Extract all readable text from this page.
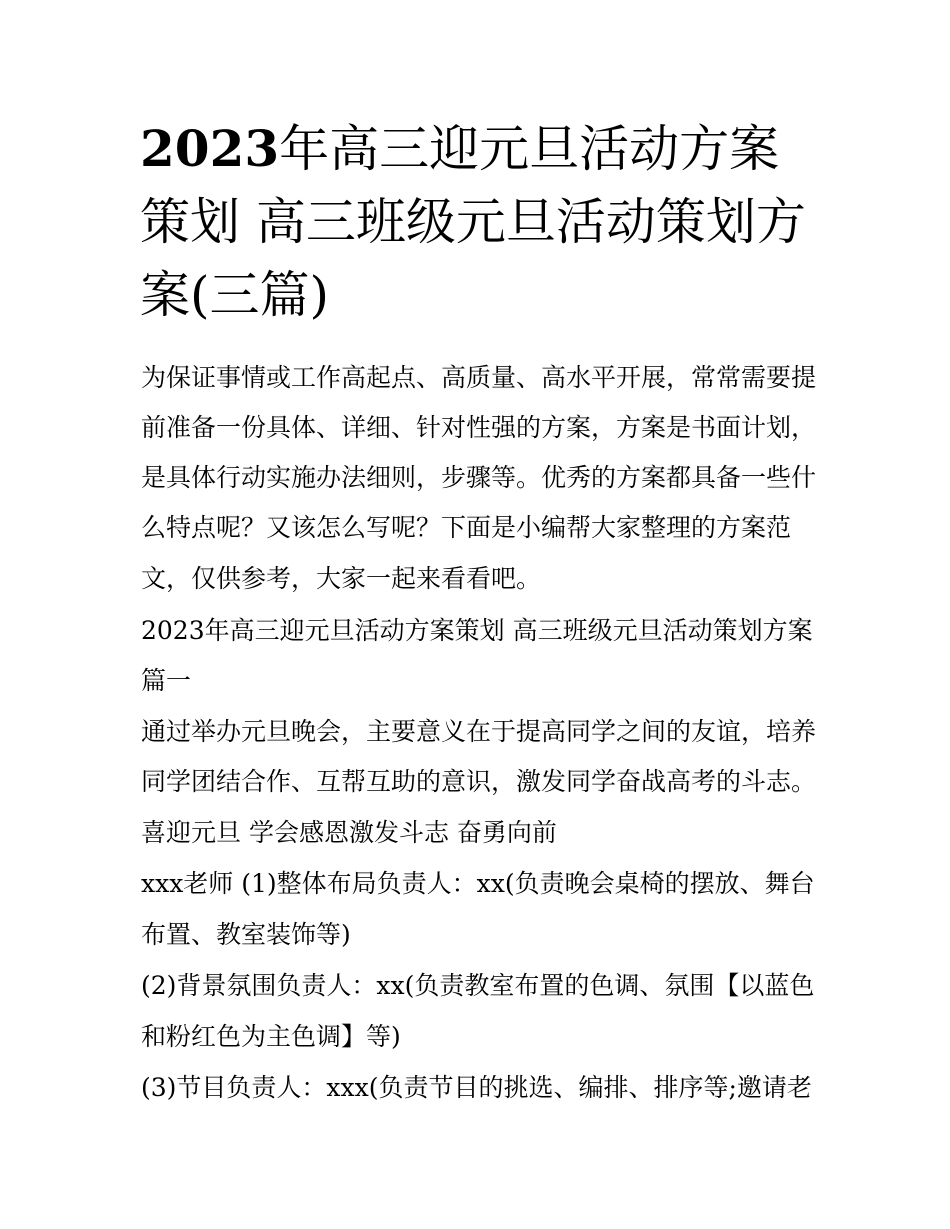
2023年高三迎元旦活动方案策划 高三班级元旦活动策划方案(三篇)

为保证事情或工作高起点、高质量、高水平开展，常常需要提

前准备一份具体、详细、针对性强的方案，方案是书面计划，

是具体行动实施办法细则，步骤等。优秀的方案都具备一些什

么特点呢？又该怎么写呢？下面是小编帮大家整理的方案范

文，仅供参考，大家一起来看看吧。

2023年高三迎元旦活动方案策划 高三班级元旦活动策划方案

篇一

通过举办元旦晚会，主要意义在于提高同学之间的友谊，培养

同学团结合作、互帮互助的意识，激发同学奋战高考的斗志。

喜迎元旦 学会感恩激发斗志 奋勇向前

xxx老师 (1)整体布局负责人：xx(负责晚会桌椅的摆放、舞台

布置、教室装饰等)

(2)背景氛围负责人：xx(负责教室布置的色调、氛围【以蓝色

和粉红色为主色调】等)

(3)节目负责人：xxx(负责节目的挑选、编排、排序等;邀请老
